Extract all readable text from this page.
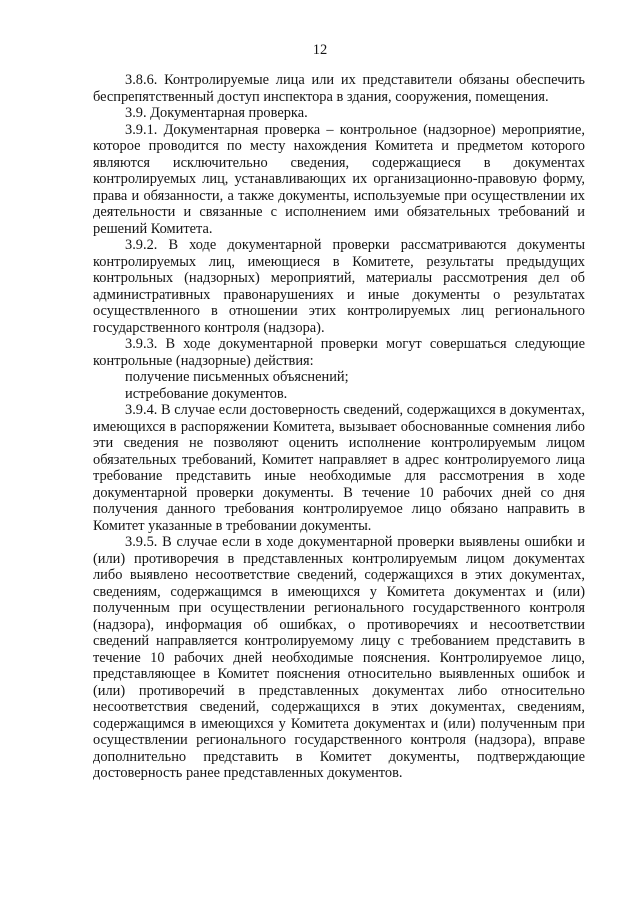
12

3.8.6. Контролируемые лица или их представители обязаны обеспечить беспрепятственный доступ инспектора в здания, сооружения, помещения.

3.9. Документарная проверка.

3.9.1. Документарная проверка – контрольное (надзорное) мероприятие, которое проводится по месту нахождения Комитета и предметом которого являются исключительно сведения, содержащиеся в документах контролируемых лиц, устанавливающих их организационно-правовую форму, права и обязанности, а также документы, используемые при осуществлении их деятельности и связанные с исполнением ими обязательных требований и решений Комитета.

3.9.2. В ходе документарной проверки рассматриваются документы контролируемых лиц, имеющиеся в Комитете, результаты предыдущих контрольных (надзорных) мероприятий, материалы рассмотрения дел об административных правонарушениях и иные документы о результатах осуществленного в отношении этих контролируемых лиц регионального государственного контроля (надзора).

3.9.3. В ходе документарной проверки могут совершаться следующие контрольные (надзорные) действия:

получение письменных объяснений;

истребование документов.

3.9.4. В случае если достоверность сведений, содержащихся в документах, имеющихся в распоряжении Комитета, вызывает обоснованные сомнения либо эти сведения не позволяют оценить исполнение контролируемым лицом обязательных требований, Комитет направляет в адрес контролируемого лица требование представить иные необходимые для рассмотрения в ходе документарной проверки документы. В течение 10 рабочих дней со дня получения данного требования контролируемое лицо обязано направить в Комитет указанные в требовании документы.

3.9.5. В случае если в ходе документарной проверки выявлены ошибки и (или) противоречия в представленных контролируемым лицом документах либо выявлено несоответствие сведений, содержащихся в этих документах, сведениям, содержащимся в имеющихся у Комитета документах и (или) полученным при осуществлении регионального государственного контроля (надзора), информация об ошибках, о противоречиях и несоответствии сведений направляется контролируемому лицу с требованием представить в течение 10 рабочих дней необходимые пояснения. Контролируемое лицо, представляющее в Комитет пояснения относительно выявленных ошибок и (или) противоречий в представленных документах либо относительно несоответствия сведений, содержащихся в этих документах, сведениям, содержащимся в имеющихся у Комитета документах и (или) полученным при осуществлении регионального государственного контроля (надзора), вправе дополнительно представить в Комитет документы, подтверждающие достоверность ранее представленных документов.
